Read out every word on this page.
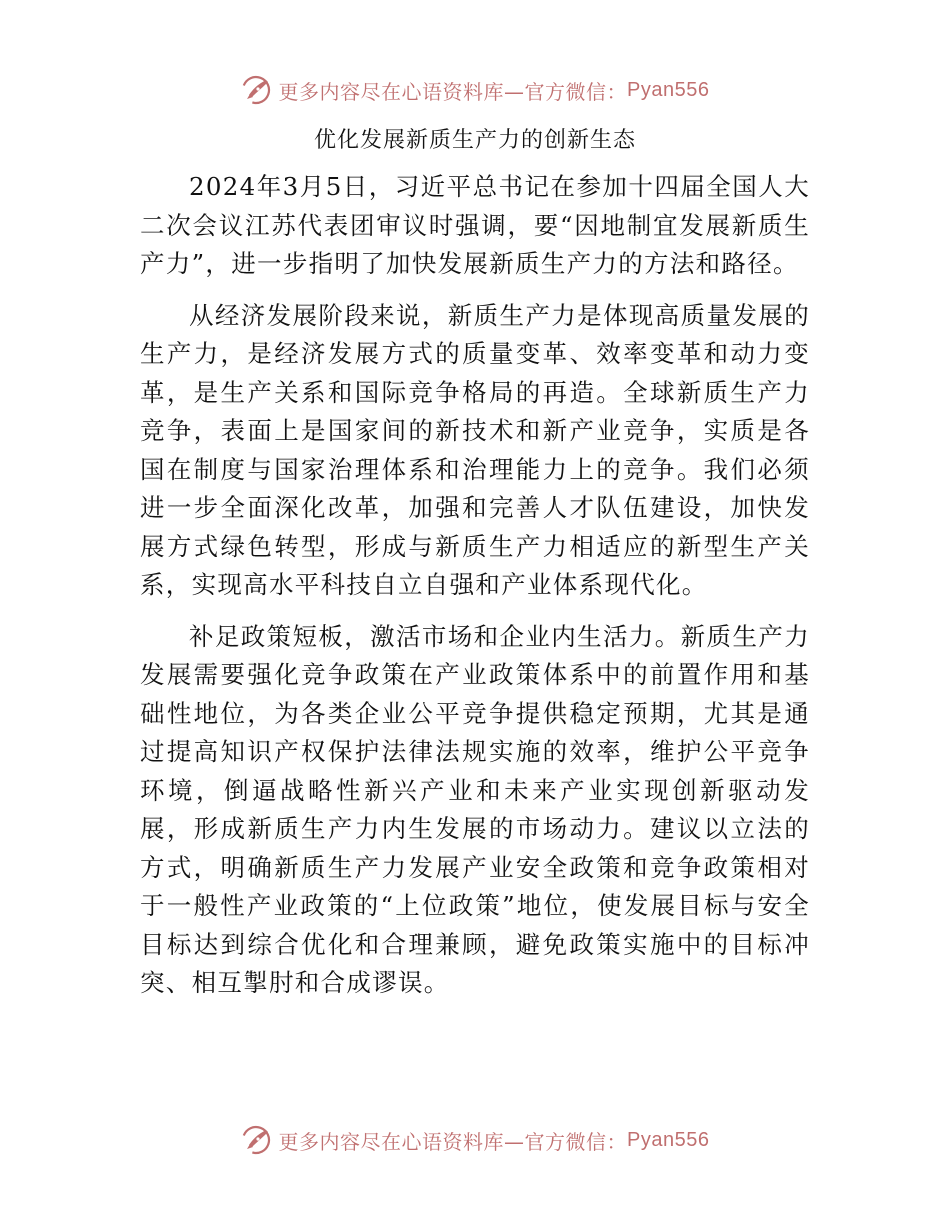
更多内容尽在心语资料库—官方微信： Pyan556
优化发展新质生产力的创新生态

2024年3月5日，习近平总书记在参加十四届全国人大二次会议江苏代表团审议时强调，要“因地制宜发展新质生产力”，进一步指明了加快发展新质生产力的方法和路径。

从经济发展阶段来说，新质生产力是体现高质量发展的生产力，是经济发展方式的质量变革、效率变革和动力变革，是生产关系和国际竞争格局的再造。全球新质生产力竞争，表面上是国家间的新技术和新产业竞争，实质是各国在制度与国家治理体系和治理能力上的竞争。我们必须进一步全面深化改革，加强和完善人才队伍建设，加快发展方式绿色转型，形成与新质生产力相适应的新型生产关系，实现高水平科技自立自强和产业体系现代化。

补足政策短板，激活市场和企业内生活力。新质生产力发展需要强化竞争政策在产业政策体系中的前置作用和基础性地位，为各类企业公平竞争提供稳定预期，尤其是通过提高知识产权保护法律法规实施的效率，维护公平竞争环境，倒逼战略性新兴产业和未来产业实现创新驱动发展，形成新质生产力内生发展的市场动力。建议以立法的方式，明确新质生产力发展产业安全政策和竞争政策相对于一般性产业政策的“上位政策”地位，使发展目标与安全目标达到综合优化和合理兼顾，避免政策实施中的目标冲突、相互掣肘和合成谬误。

更多内容尽在心语资料库—官方微信： Pyan556
